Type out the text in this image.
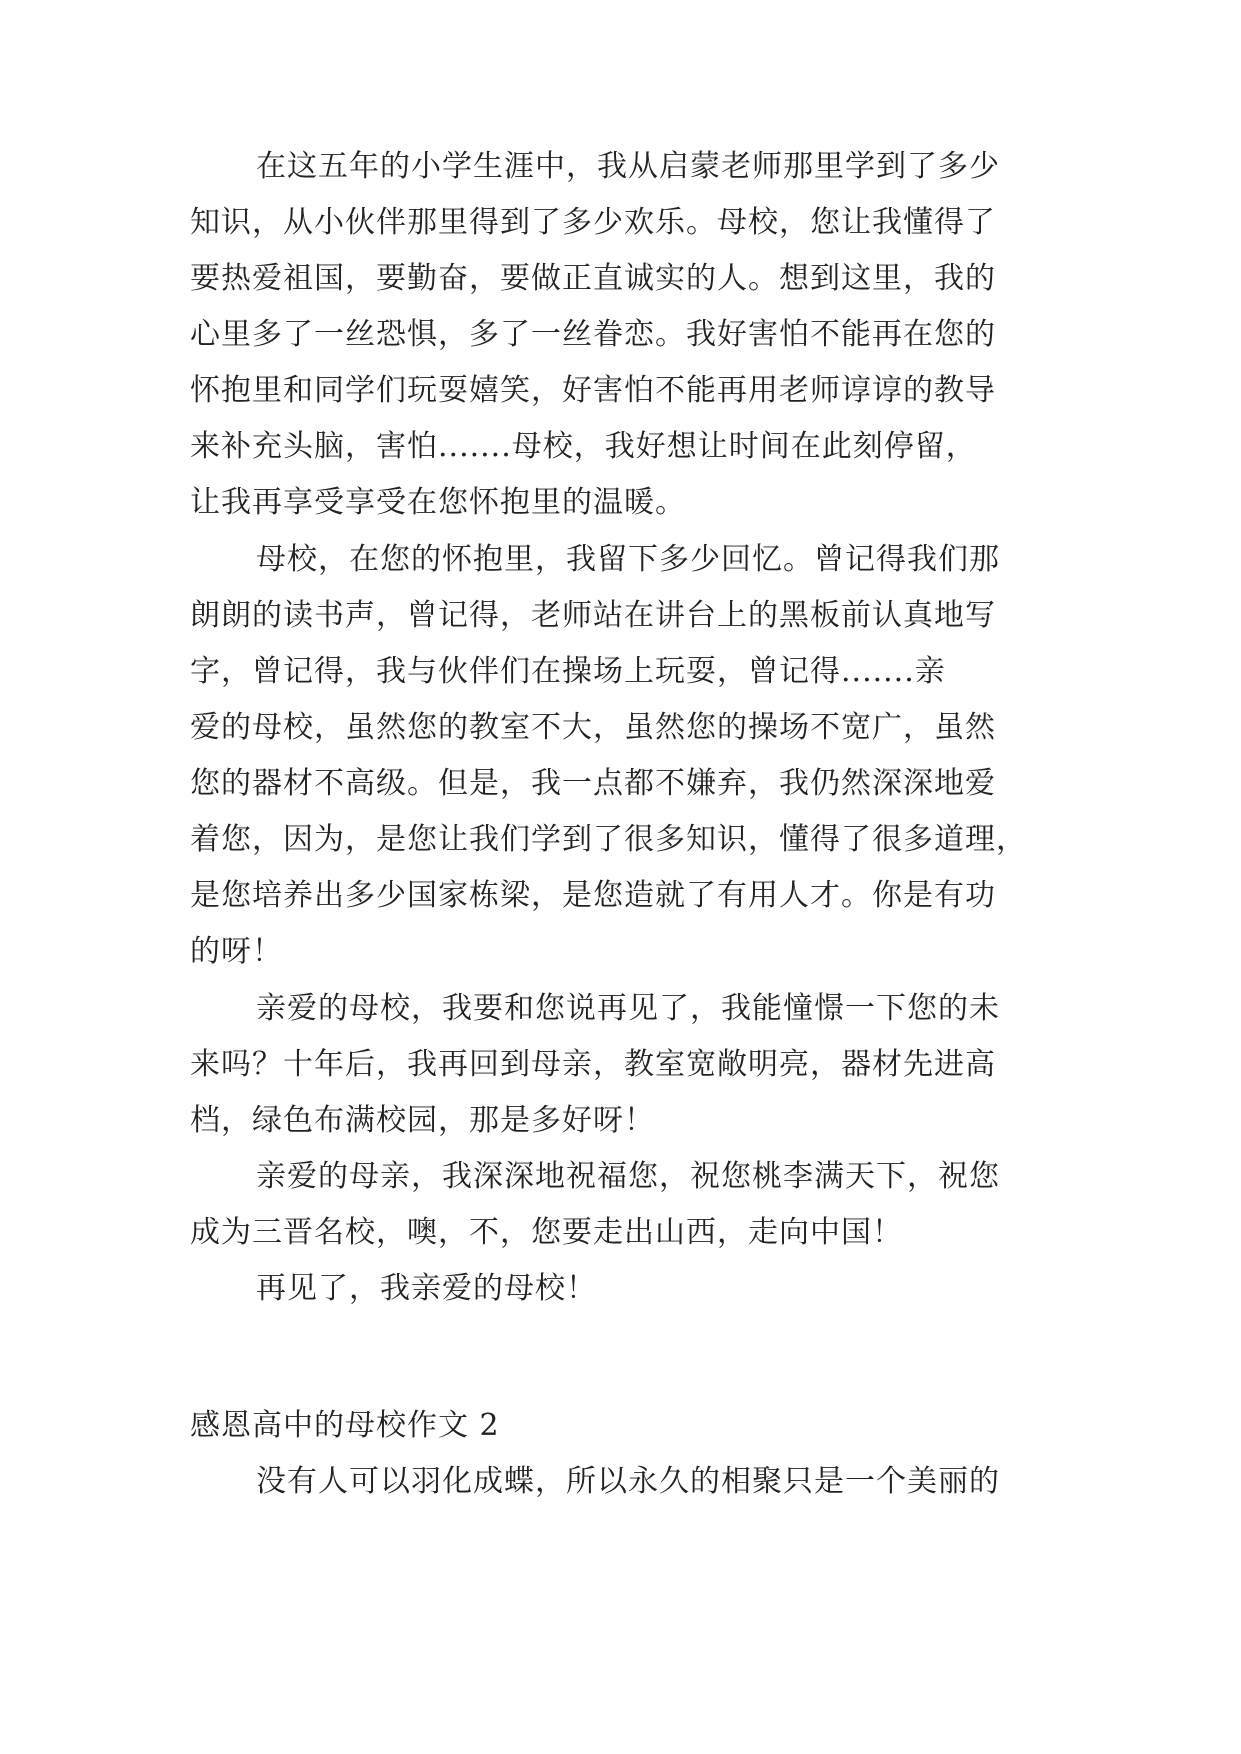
在这五年的小学生涯中，我从启蒙老师那里学到了多少
知识，从小伙伴那里得到了多少欢乐。母校，您让我懂得了
要热爱祖国，要勤奋，要做正直诚实的人。想到这里，我的
心里多了一丝恐惧，多了一丝眷恋。我好害怕不能再在您的
怀抱里和同学们玩耍嬉笑，好害怕不能再用老师谆谆的教导
来补充头脑，害怕.......母校，我好想让时间在此刻停留，
让我再享受享受在您怀抱里的温暖。
母校，在您的怀抱里，我留下多少回忆。曾记得我们那
朗朗的读书声，曾记得，老师站在讲台上的黑板前认真地写
字，曾记得，我与伙伴们在操场上玩耍，曾记得.......亲
爱的母校，虽然您的教室不大，虽然您的操场不宽广，虽然
您的器材不高级。但是，我一点都不嫌弃，我仍然深深地爱
着您，因为，是您让我们学到了很多知识，懂得了很多道理，
是您培养出多少国家栋梁，是您造就了有用人才。你是有功
的呀！
亲爱的母校，我要和您说再见了，我能憧憬一下您的未
来吗？十年后，我再回到母亲，教室宽敞明亮，器材先进高
档，绿色布满校园，那是多好呀！
亲爱的母亲，我深深地祝福您，祝您桃李满天下，祝您
成为三晋名校，噢，不，您要走出山西，走向中国！
再见了，我亲爱的母校！
感恩高中的母校作文 2
没有人可以羽化成蝶，所以永久的相聚只是一个美丽的
